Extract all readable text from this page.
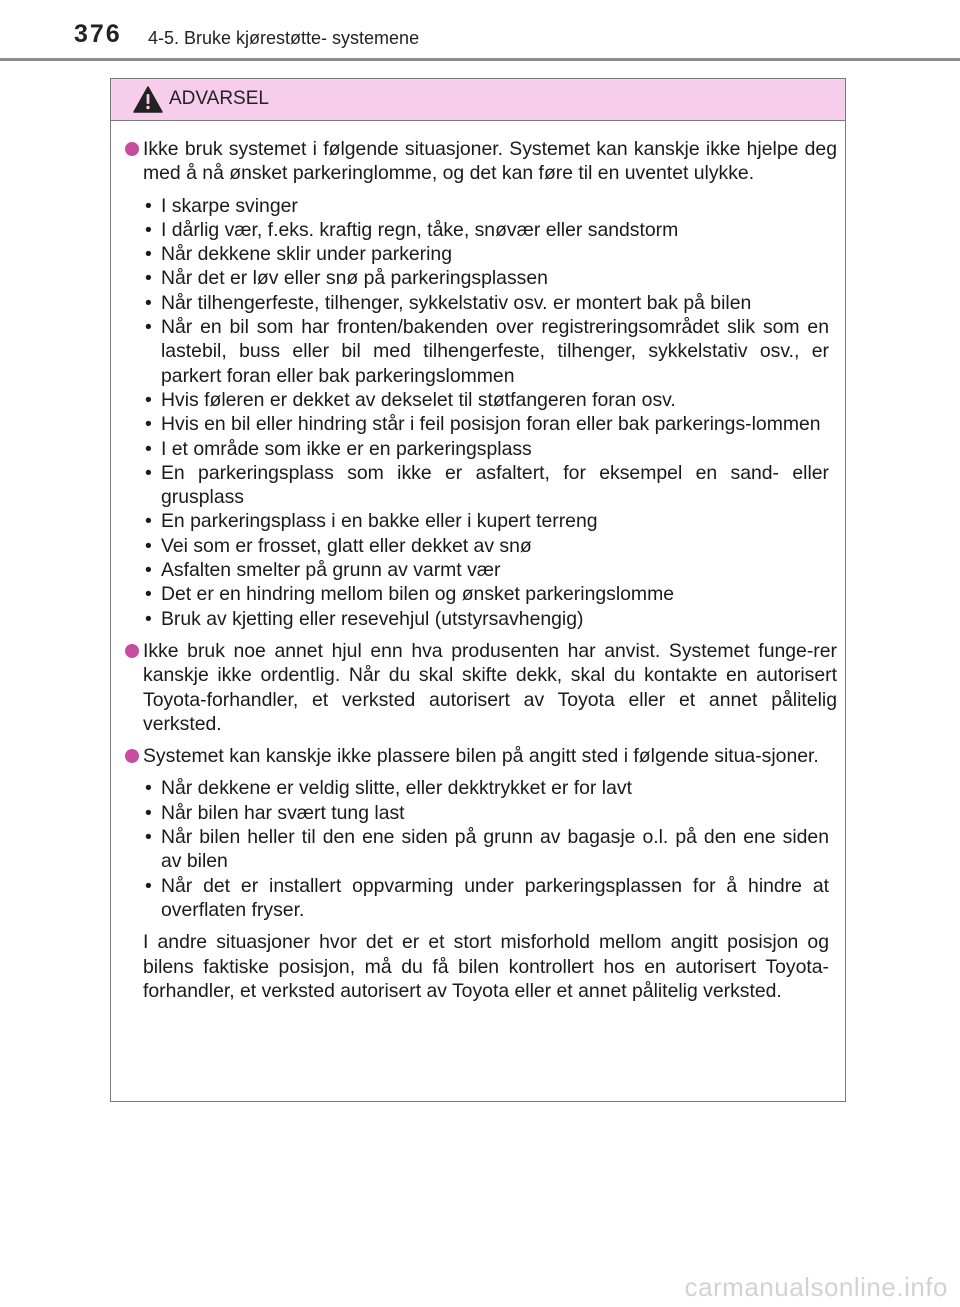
376 4-5. Bruke kjørestøtte- systemene
ADVARSEL
Ikke bruk systemet i følgende situasjoner. Systemet kan kanskje ikke hjelpe deg med å nå ønsket parkeringlomme, og det kan føre til en uventet ulykke.
• I skarpe svinger
• I dårlig vær, f.eks. kraftig regn, tåke, snøvær eller sandstorm
• Når dekkene sklir under parkering
• Når det er løv eller snø på parkeringsplassen
• Når tilhengerfeste, tilhenger, sykkelstativ osv. er montert bak på bilen
• Når en bil som har fronten/bakenden over registreringsområdet slik som en lastebil, buss eller bil med tilhengerfeste, tilhenger, sykkelstativ osv., er parkert foran eller bak parkeringslommen
• Hvis føleren er dekket av dekselet til støtfangeren foran osv.
• Hvis en bil eller hindring står i feil posisjon foran eller bak parkerings-lommen
• I et område som ikke er en parkeringsplass
• En parkeringsplass som ikke er asfaltert, for eksempel en sand- eller grusplass
• En parkeringsplass i en bakke eller i kupert terreng
• Vei som er frosset, glatt eller dekket av snø
• Asfalten smelter på grunn av varmt vær
• Det er en hindring mellom bilen og ønsket parkeringslomme
• Bruk av kjetting eller resevehjul (utstyrsavhengig)
Ikke bruk noe annet hjul enn hva produsenten har anvist. Systemet funge-rer kanskje ikke ordentlig. Når du skal skifte dekk, skal du kontakte en autorisert Toyota-forhandler, et verksted autorisert av Toyota eller et annet pålitelig verksted.
Systemet kan kanskje ikke plassere bilen på angitt sted i følgende situa-sjoner.
• Når dekkene er veldig slitte, eller dekktrykket er for lavt
• Når bilen har svært tung last
• Når bilen heller til den ene siden på grunn av bagasje o.l. på den ene siden av bilen
• Når det er installert oppvarming under parkeringsplassen for å hindre at overflaten fryser.
I andre situasjoner hvor det er et stort misforhold mellom angitt posisjon og bilens faktiske posisjon, må du få bilen kontrollert hos en autorisert Toyota-forhandler, et verksted autorisert av Toyota eller et annet pålitelig verksted.
carmanualsonline.info
